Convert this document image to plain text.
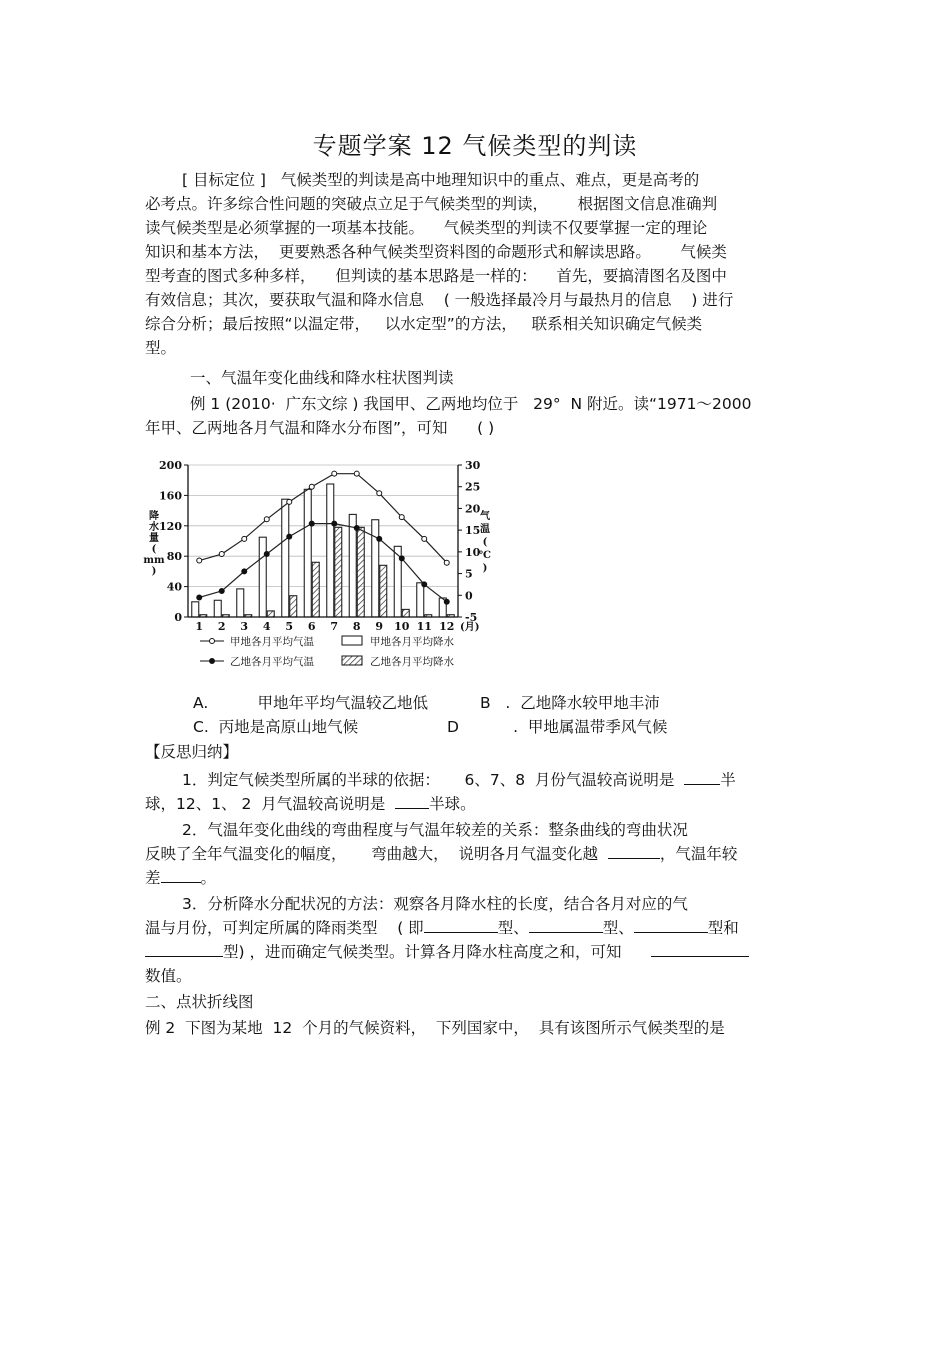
专题学案 12 气候类型的判读
[ 目标定位 ]   气候类型的判读是高中地理知识中的重点、难点，更是高考的
必考点。许多综合性问题的突破点立足于气候类型的判读，      根据图文信息准确判
读气候类型是必须掌握的一项基本技能。    气候类型的判读不仅要掌握一定的理论
知识和基本方法，  更要熟悉各种气候类型资料图的命题形式和解读思路。      气候类
型考查的图式多种多样，    但判读的基本思路是一样的：    首先，要搞清图名及图中
有效信息；其次，要获取气温和降水信息    ( 一般选择最冷月与最热月的信息    ) 进行
综合分析；最后按照“以温定带，   以水定型”的方法，   联系相关知识确定气候类
型。
一、气温年变化曲线和降水柱状图判读
例 1 (2010·  广东文综 ) 我国甲、乙两地均位于   29°  N 附近。读“1971～2000
年甲、乙两地各月气温和降水分布图”，可知      ( )
0
40
80
120
160
200
-5
0
5
10
15
20
25
30
1 2 3 4 5 6 7 8 9 10 11 12 (月)
降
水
量
(
mm
)
气
温
(
℃
)
甲地各月平均气温	甲地各月平均降水
乙地各月平均气温	乙地各月平均降水
A.          甲地年平均气温较乙地低	B   .  乙地降水较甲地丰沛
C.  丙地是高原山地气候	D           .  甲地属温带季风气候
【反思归纳】
1．判定气候类型所属的半球的依据：     6、7、8  月份气温较高说明是  半
球，12、1、 2  月气温较高说明是  半球。
2．气温年变化曲线的弯曲程度与气温年较差的关系：整条曲线的弯曲状况
反映了全年气温变化的幅度，     弯曲越大，  说明各月气温变化越	，气温年较
差	。
3．分析降水分配状况的方法：观察各月降水柱的长度，结合各月对应的气
温与月份，可判定所属的降雨类型    ( 即	型、	型、	型和
型) ，进而确定气候类型。计算各月降水柱高度之和，可知
数值。
二、点状折线图
例 2  下图为某地  12  个月的气候资料，  下列国家中，  具有该图所示气候类型的是
